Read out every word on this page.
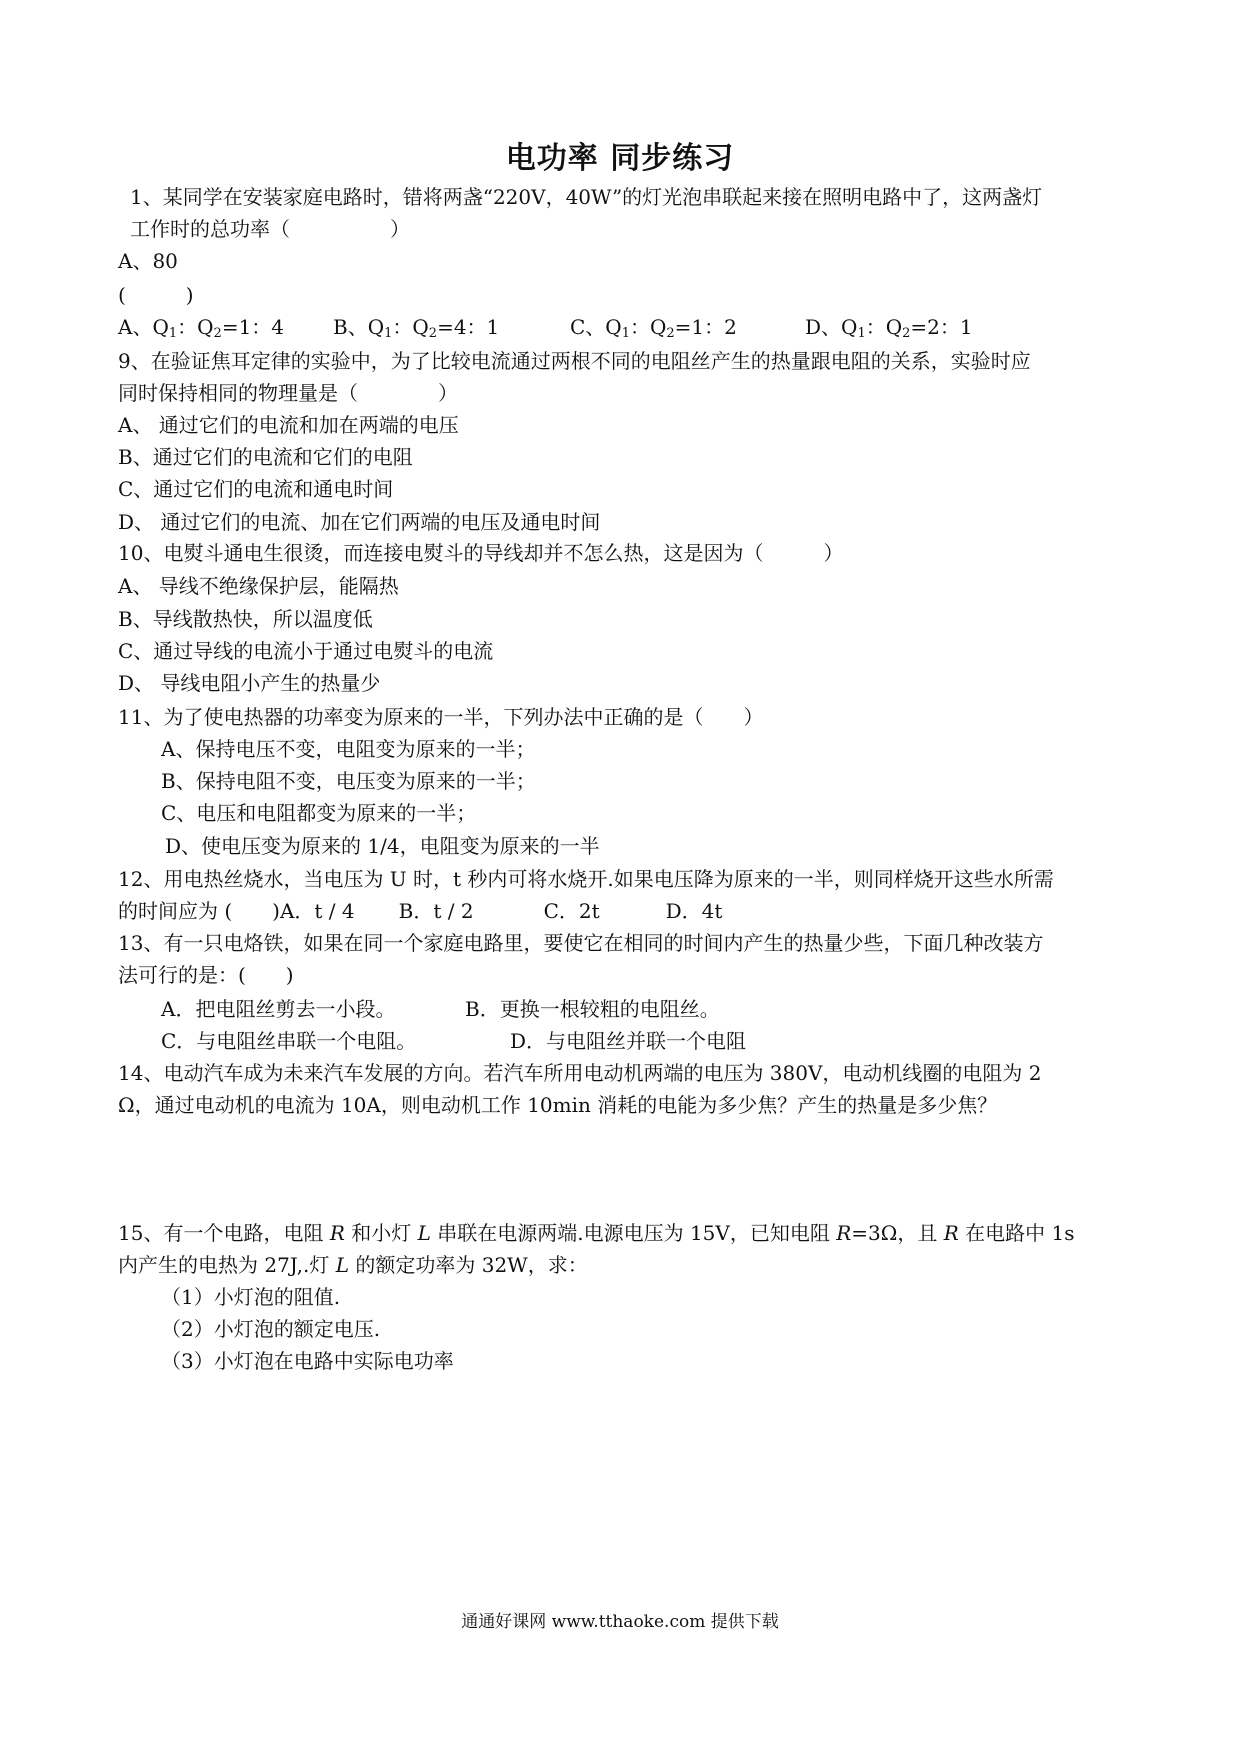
电功率 同步练习
1、某同学在安装家庭电路时，错将两盏“220V，40W”的灯光泡串联起来接在照明电路中了，这两盏灯
工作时的总功率（　　　　　）
A、80
(　　　)
A、$Q_1$：$Q_2=1$：4 B、$Q_1$：$Q_2=4$：1	C、$Q_1$：$Q_2=1$：2	D、$Q_1$：$Q_2=2$：1
9、在验证焦耳定律的实验中，为了比较电流通过两根不同的电阻丝产生的热量跟电阻的关系，实验时应
同时保持相同的物理量是（　　　　）
A、 通过它们的电流和加在两端的电压
B、通过它们的电流和它们的电阻
C、通过它们的电流和通电时间
D、 通过它们的电流、加在它们两端的电压及通电时间
10、电熨斗通电生很烫，而连接电熨斗的导线却并不怎么热，这是因为（　　　）
A、 导线不绝缘保护层，能隔热
B、导线散热快，所以温度低
C、通过导线的电流小于通过电熨斗的电流
D、 导线电阻小产生的热量少
11、为了使电热器的功率变为原来的一半，下列办法中正确的是（　　）
A、保持电压不变，电阻变为原来的一半；
B、保持电阻不变，电压变为原来的一半；
C、电压和电阻都变为原来的一半；
D、使电压变为原来的 1/4，电阻变为原来的一半
12、用电热丝烧水，当电压为 U 时，t 秒内可将水烧开.如果电压降为原来的一半，则同样烧开这些水所需
的时间应为 (　　)A．t / 4 B．t / 2	C．2t	D．4t
13、有一只电烙铁，如果在同一个家庭电路里，要使它在相同的时间内产生的热量少些，下面几种改装方
法可行的是：(　　)
A．把电阻丝剪去一小段。	B．更换一根较粗的电阻丝。
C．与电阻丝串联一个电阻。	D．与电阻丝并联一个电阻
14、电动汽车成为未来汽车发展的方向。若汽车所用电动机两端的电压为 380V，电动机线圈的电阻为 2
Ω，通过电动机的电流为 10A，则电动机工作 10min 消耗的电能为多少焦？产生的热量是多少焦？
15、有一个电路，电阻 R 和小灯 L 串联在电源两端.电源电压为 15V，已知电阻 R=3Ω，且 R 在电路中 1s
内产生的电热为 27J,.灯 L 的额定功率为 32W，求：
（1）小灯泡的阻值.
（2）小灯泡的额定电压.
（3）小灯泡在电路中实际电功率
通通好课网 www.tthaoke.com 提供下载
